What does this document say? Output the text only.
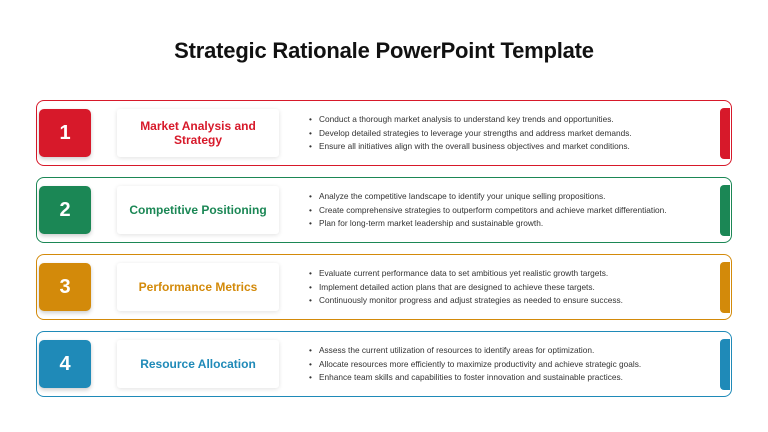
Strategic Rationale PowerPoint Template
1	Market Analysis and Strategy
• Conduct a thorough market analysis to understand key trends and opportunities.
• Develop detailed strategies to leverage your strengths and address market demands.
• Ensure all initiatives align with the overall business objectives and market conditions.
2	Competitive Positioning
• Analyze the competitive landscape to identify your unique selling propositions.
• Create comprehensive strategies to outperform competitors and achieve market differentiation.
• Plan for long-term market leadership and sustainable growth.
3	Performance Metrics
• Evaluate current performance data to set ambitious yet realistic growth targets.
• Implement detailed action plans that are designed to achieve these targets.
• Continuously monitor progress and adjust strategies as needed to ensure success.
4	Resource Allocation
• Assess the current utilization of resources to identify areas for optimization.
• Allocate resources more efficiently to maximize productivity and achieve strategic goals.
• Enhance team skills and capabilities to foster innovation and sustainable practices.
